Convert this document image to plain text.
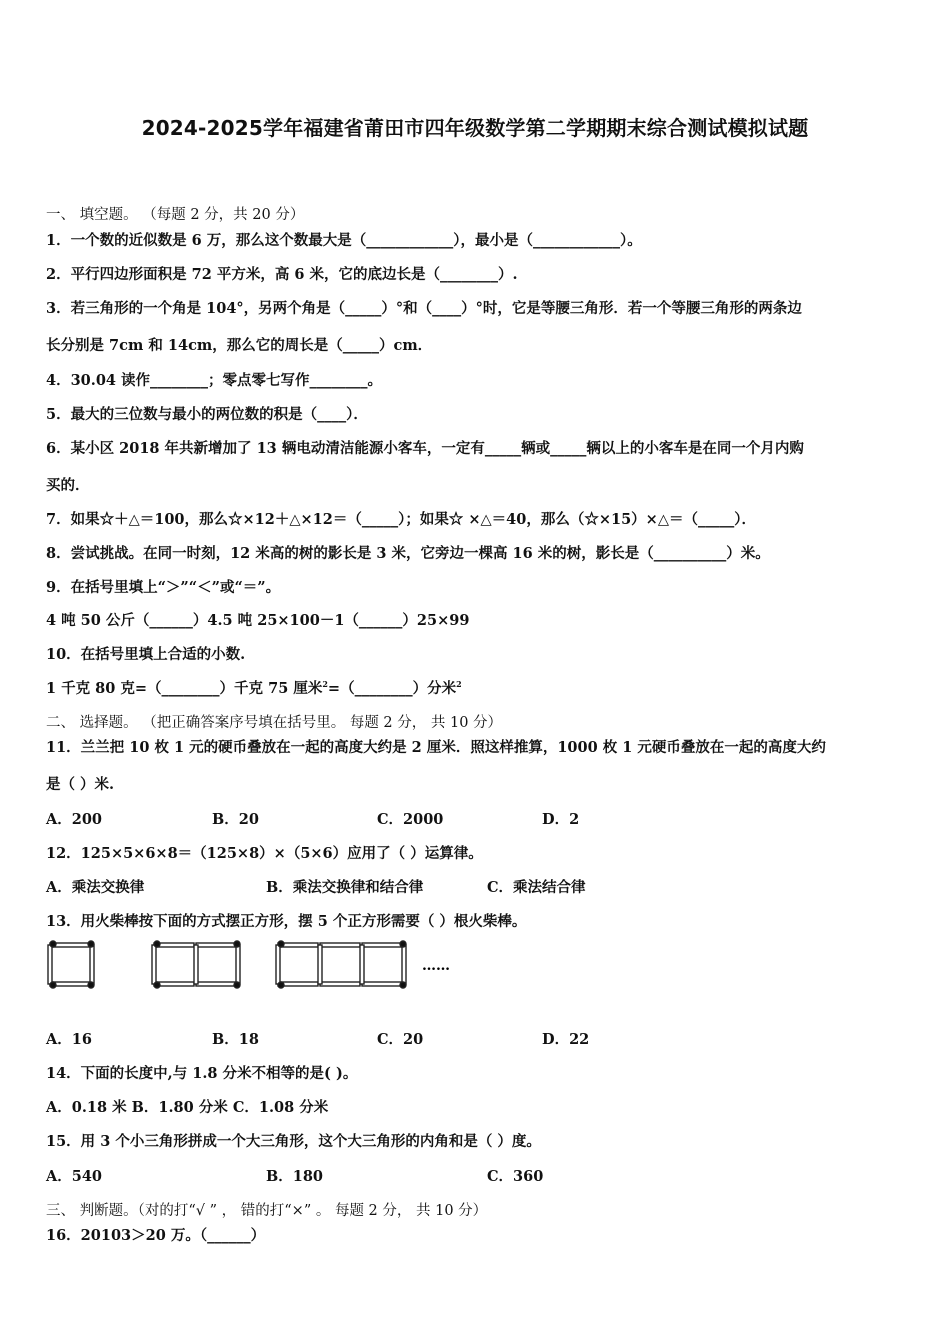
2024-2025学年福建省莆田市四年级数学第二学期期末综合测试模拟试题
一、 填空题。 （每题 2 分，共 20 分）
1．一个数的近似数是 6 万，那么这个数最大是（____________），最小是（____________）。
2．平行四边形面积是 72 平方米，高 6 米，它的底边长是（________）.
3．若三角形的一个角是 104°，另两个角是（_____）°和（____）°时，它是等腰三角形．若一个等腰三角形的两条边
长分别是 7cm 和 14cm，那么它的周长是（_____）cm．
4．30.04 读作________；零点零七写作________。
5．最大的三位数与最小的两位数的积是（____）．
6．某小区 2018 年共新增加了 13 辆电动清洁能源小客车，一定有_____辆或_____辆以上的小客车是在同一个月内购
买的．
7．如果☆＋△＝100，那么☆×12＋△×12＝（_____）；如果☆ ×△＝40，那么（☆×15）×△＝（_____）．
8．尝试挑战。在同一时刻，12 米高的树的影长是 3 米，它旁边一棵高 16 米的树，影长是（__________）米。
9．在括号里填上“＞”“＜”或“＝”。
4 吨 50 公斤（______）4.5 吨 25×100－1（______）25×99
10．在括号里填上合适的小数.
1 千克 80 克=（________）千克 75 厘米$^2$=（________）分米$^2$
二、 选择题。 （把正确答案序号填在括号里。 每题 2 分， 共 10 分）
11．兰兰把 10 枚 1 元的硬币叠放在一起的高度大约是 2 厘米．照这样推算，1000 枚 1 元硬币叠放在一起的高度大约
是（ ）米.
A．200	B．20	C．2000	D．2
12．125×5×6×8＝（125×8）×（5×6）应用了（ ）运算律。
A．乘法交换律	B．乘法交换律和结合律	C．乘法结合律
13．用火柴棒按下面的方式摆正方形，摆 5 个正方形需要（ ）根火柴棒。
……
A．16	B．18	C．20	D．22
14．下面的长度中,与 1.8 分米不相等的是( )。
A．0.18 米 B．1.80 分米 C．1.08 分米
15．用 3 个小三角形拼成一个大三角形，这个大三角形的内角和是（ ）度。
A．540	B．180	C．360
三、 判断题。（对的打“√ ” ， 错的打“×” 。 每题 2 分， 共 10 分）
16．20103＞20 万。（______）
